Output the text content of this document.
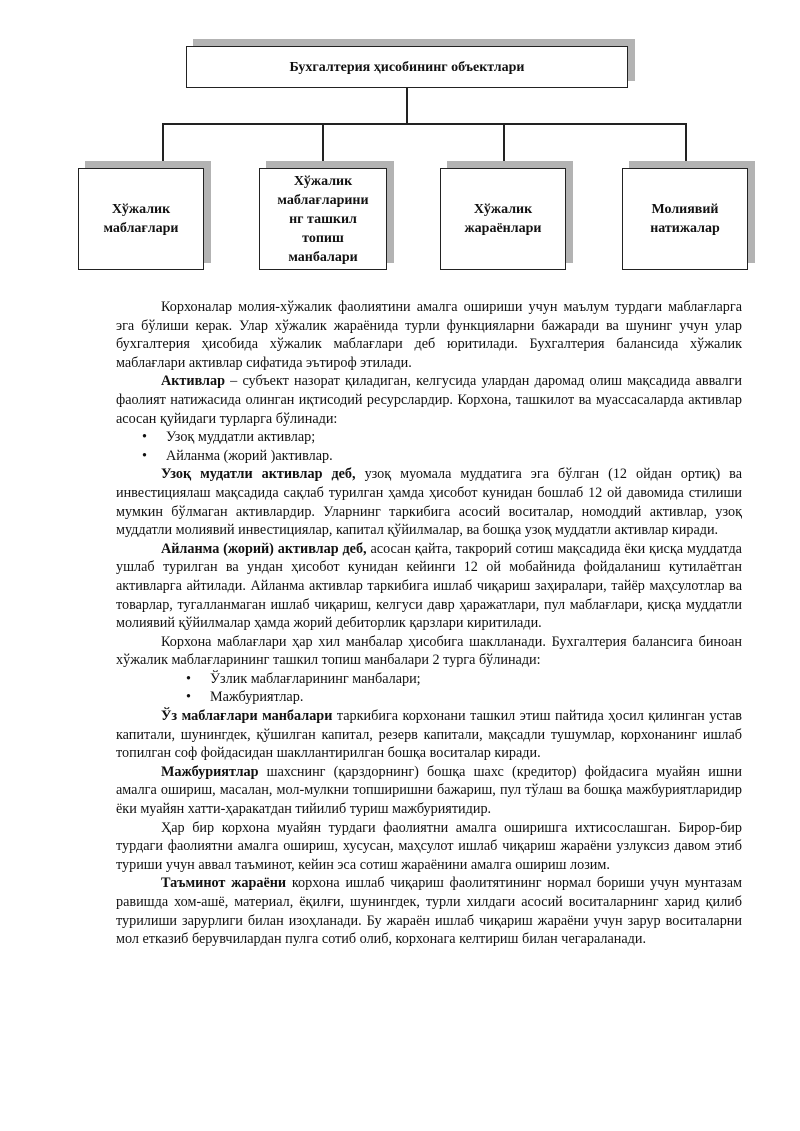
Бухгалтерия ҳисобининг объектлари
Хўжалик маблағлари
Хўжалик маблағларини нг ташкил топиш манбалари
Хўжалик жараёнлари
Молиявий натижалар

Корхоналар молия-хўжалик фаолиятини амалга ошириши учун маълум турдаги маблағларга эга бўлиши керак. Улар хўжалик жараёнида турли функцияларни бажаради ва шунинг учун улар бухгалтерия ҳисобида хўжалик маблағлари деб юритилади. Бухгалтерия балансида хўжалик маблағлари активлар сифатида эътироф этилади.

Активлар – субъект назорат қиладиган, келгусида улардан даромад олиш мақсадида аввалги фаолият натижасида олинган иқтисодий ресурслардир. Корхона, ташкилот ва муассасаларда активлар асосан қуйидаги турларга бўлинади:

• Узоқ муддатли активлар;
• Айланма (жорий )активлар.

Узоқ мудатли активлар деб, узоқ муомала муддатига эга бўлган (12 ойдан ортиқ) ва инвестициялаш мақсадида сақлаб турилган ҳамда ҳисобот кунидан бошлаб 12 ой давомида стилиши мумкин бўлмаган активлардир. Уларнинг таркибига асосий воситалар, номоддий активлар, узоқ муддатли молиявий инвестициялар, капитал қўйилмалар, ва бошқа узоқ муддатли активлар киради.

Айланма (жорий) активлар деб, асосан қайта, такрорий сотиш мақсадида ёки қисқа муддатда ушлаб турилган ва ундан ҳисобот кунидан кейинги 12 ой мобайнида фойдаланиш кутилаётган активларга айтилади. Айланма активлар таркибига ишлаб чиқариш заҳиралари, тайёр маҳсулотлар ва товарлар, тугалланмаган ишлаб чиқариш, келгуси давр ҳаражатлари, пул маблағлари, қисқа муддатли молиявий қўйилмалар ҳамда жорий дебиторлик қарзлари киритилади.

Корхона маблағлари ҳар хил манбалар ҳисобига шаклланади. Бухгалтерия балансига биноан хўжалик маблағларининг ташкил топиш манбалари 2 турга бўлинади:

• Ўзлик маблағларининг манбалари;
• Мажбуриятлар.

Ўз маблағлари манбалари таркибига корхонани ташкил этиш пайтида ҳосил қилинган устав капитали, шунингдек, қўшилган капитал, резерв капитали, мақсадли тушумлар, корхонанинг ишлаб топилган соф фойдасидан шакллантирилган бошқа воситалар киради.

Мажбуриятлар шахснинг (қарздорнинг) бошқа шахс (кредитор) фойдасига муайян ишни амалга ошириш, масалан, мол-мулкни топширишни бажариш, пул тўлаш ва бошқа мажбуриятларидир ёки муайян хатти-ҳаракатдан тийилиб туриш мажбуриятидир.

Ҳар бир корхона муайян турдаги фаолиятни амалга оширишга ихтисослашган. Бирор-бир турдаги фаолиятни амалга ошириш, хусусан, маҳсулот ишлаб чиқариш жараёни узлуксиз давом этиб туриши учун аввал таъминот, кейин эса сотиш жараёнини амалга ошириш лозим.

Таъминот жараёни корхона ишлаб чиқариш фаолитятининг нормал бориши учун мунтазам равишда хом-ашё, материал, ёқилғи, шунингдек, турли хилдаги асосий воситаларнинг харид қилиб турилиши зарурлиги билан изоҳланади. Бу жараён ишлаб чиқариш жараёни учун зарур воситаларни мол етказиб берувчилардан пулга сотиб олиб, корхонага келтириш билан чегараланади.
